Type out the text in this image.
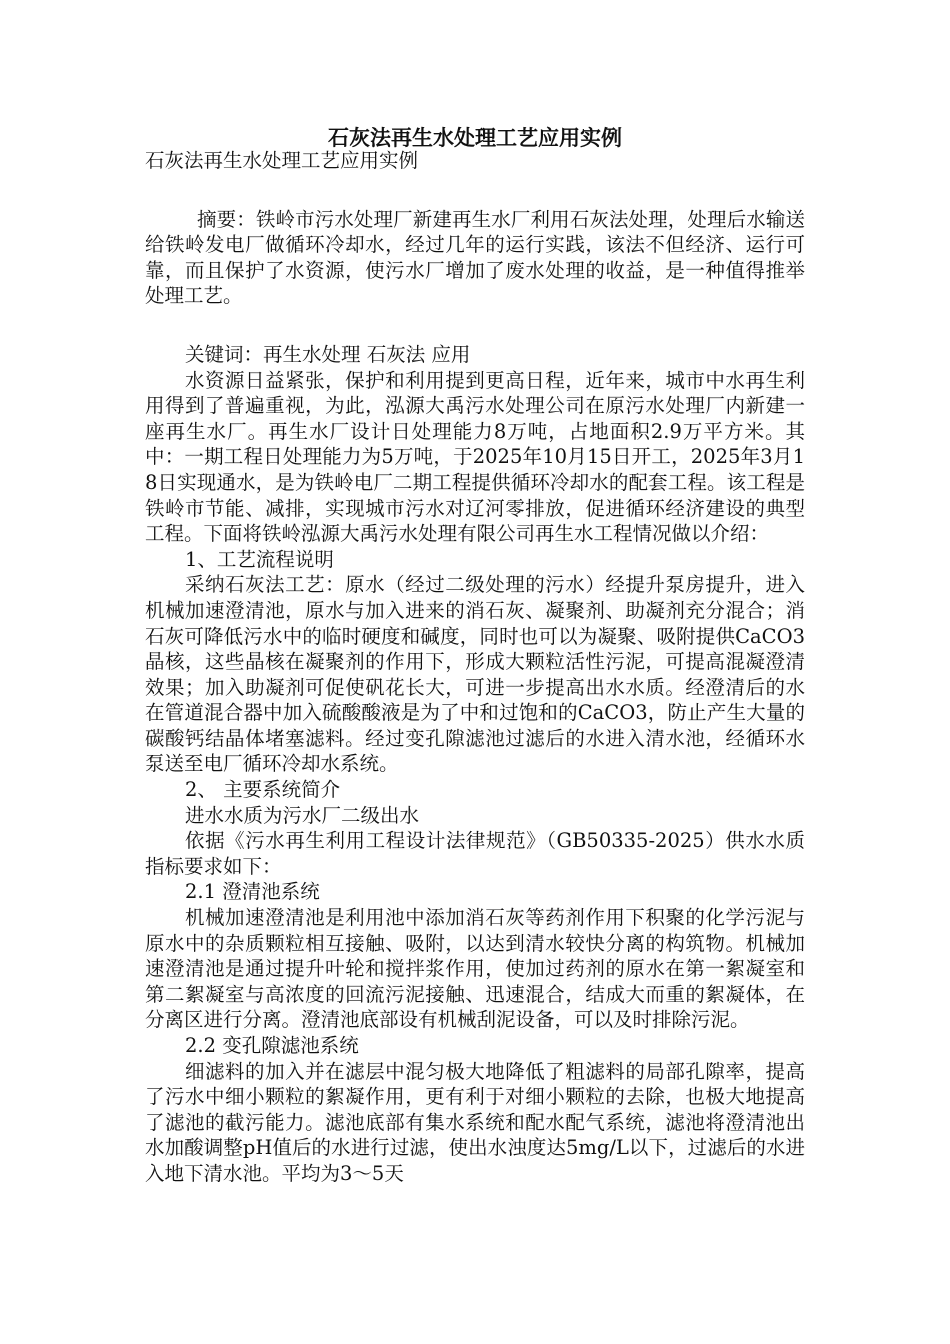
石灰法再生水处理工艺应用实例

石灰法再生水处理工艺应用实例

摘要：铁岭市污水处理厂新建再生水厂利用石灰法处理，处理后水输送给铁岭发电厂做循环冷却水，经过几年的运行实践，该法不但经济、运行可靠，而且保护了水资源，使污水厂增加了废水处理的收益，是一种值得推举处理工艺。

关键词：再生水处理 石灰法 应用

水资源日益紧张，保护和利用提到更高日程，近年来，城市中水再生利用得到了普遍重视，为此，泓源大禹污水处理公司在原污水处理厂内新建一座再生水厂。再生水厂设计日处理能力8万吨，占地面积2.9万平方米。其中：一期工程日处理能力为5万吨，于2025年10月15日开工，2025年3月18日实现通水，是为铁岭电厂二期工程提供循环冷却水的配套工程。该工程是铁岭市节能、减排，实现城市污水对辽河零排放，促进循环经济建设的典型工程。下面将铁岭泓源大禹污水处理有限公司再生水工程情况做以介绍：

1、工艺流程说明

采纳石灰法工艺：原水（经过二级处理的污水）经提升泵房提升，进入机械加速澄清池，原水与加入进来的消石灰、凝聚剂、助凝剂充分混合；消石灰可降低污水中的临时硬度和碱度，同时也可以为凝聚、吸附提供CaCO3晶核，这些晶核在凝聚剂的作用下，形成大颗粒活性污泥，可提高混凝澄清效果；加入助凝剂可促使矾花长大，可进一步提高出水水质。经澄清后的水在管道混合器中加入硫酸酸液是为了中和过饱和的CaCO3，防止产生大量的碳酸钙结晶体堵塞滤料。经过变孔隙滤池过滤后的水进入清水池，经循环水泵送至电厂循环冷却水系统。

2、 主要系统简介

进水水质为污水厂二级出水

依据《污水再生利用工程设计法律规范》（GB50335-2025）供水水质指标要求如下：

2.1 澄清池系统

机械加速澄清池是利用池中添加消石灰等药剂作用下积聚的化学污泥与原水中的杂质颗粒相互接触、吸附，以达到清水较快分离的构筑物。机械加速澄清池是通过提升叶轮和搅拌浆作用，使加过药剂的原水在第一絮凝室和第二絮凝室与高浓度的回流污泥接触、迅速混合，结成大而重的絮凝体，在分离区进行分离。澄清池底部设有机械刮泥设备，可以及时排除污泥。

2.2 变孔隙滤池系统

细滤料的加入并在滤层中混匀极大地降低了粗滤料的局部孔隙率，提高了污水中细小颗粒的絮凝作用，更有利于对细小颗粒的去除，也极大地提高了滤池的截污能力。滤池底部有集水系统和配水配气系统，滤池将澄清池出水加酸调整pH值后的水进行过滤，使出水浊度达5mg/L以下，过滤后的水进入地下清水池。平均为3～5天
